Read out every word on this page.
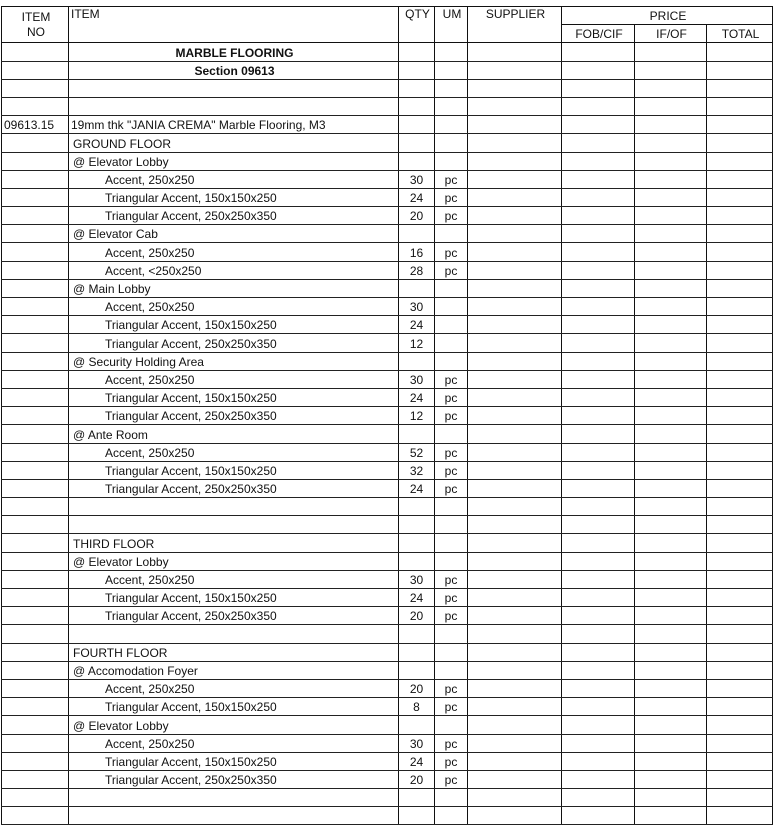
ITEM
NO	ITEM	QTY	UM	SUPPLIER	PRICE		
					FOB/CIF	IF/OF	TOTAL
	MARBLE FLOORING						
	Section 09613						

09613.15	19mm thk "JANIA CREMA" Marble Flooring, M3						
	GROUND FLOOR						
	@ Elevator Lobby						
	Accent, 250x250	30	pc				
	Triangular Accent, 150x150x250	24	pc				
	Triangular Accent, 250x250x350	20	pc				
	@ Elevator Cab						
	Accent, 250x250	16	pc				
	Accent, <250x250	28	pc				
	@ Main Lobby						
	Accent, 250x250	30					
	Triangular Accent, 150x150x250	24					
	Triangular Accent, 250x250x350	12					
	@ Security Holding Area						
	Accent, 250x250	30	pc				
	Triangular Accent, 150x150x250	24	pc				
	Triangular Accent, 250x250x350	12	pc				
	@ Ante Room						
	Accent, 250x250	52	pc				
	Triangular Accent, 150x150x250	32	pc				
	Triangular Accent, 250x250x350	24	pc				

	THIRD FLOOR						
	@ Elevator Lobby						
	Accent, 250x250	30	pc				
	Triangular Accent, 150x150x250	24	pc				
	Triangular Accent, 250x250x350	20	pc				

	FOURTH FLOOR						
	@ Accomodation Foyer						
	Accent, 250x250	20	pc				
	Triangular Accent, 150x150x250	8	pc				
	@ Elevator Lobby						
	Accent, 250x250	30	pc				
	Triangular Accent, 150x150x250	24	pc				
	Triangular Accent, 250x250x350	20	pc				
